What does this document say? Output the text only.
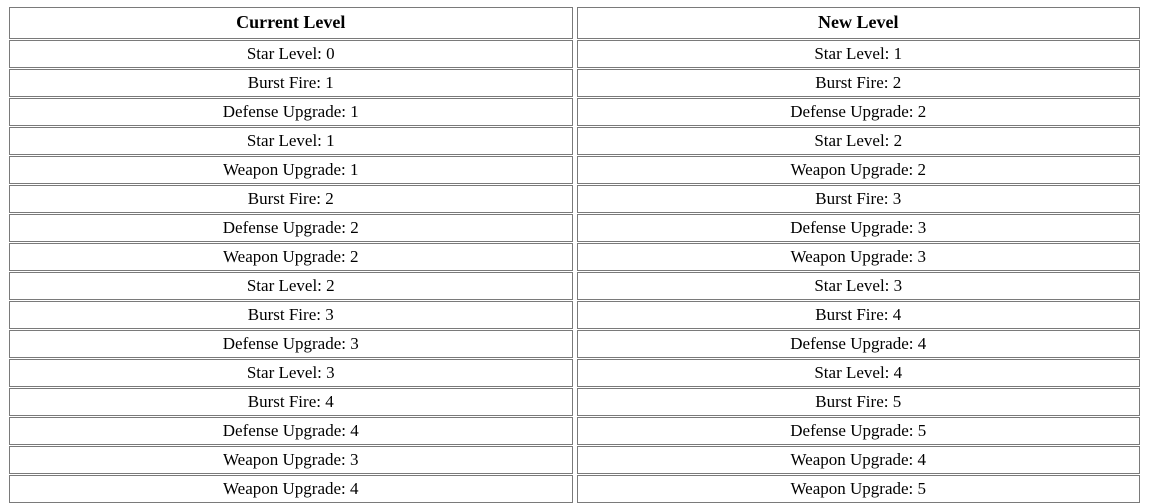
Current Level	New Level
Star Level: 0	Star Level: 1
Burst Fire: 1	Burst Fire: 2
Defense Upgrade: 1	Defense Upgrade: 2
Star Level: 1	Star Level: 2
Weapon Upgrade: 1	Weapon Upgrade: 2
Burst Fire: 2	Burst Fire: 3
Defense Upgrade: 2	Defense Upgrade: 3
Weapon Upgrade: 2	Weapon Upgrade: 3
Star Level: 2	Star Level: 3
Burst Fire: 3	Burst Fire: 4
Defense Upgrade: 3	Defense Upgrade: 4
Star Level: 3	Star Level: 4
Burst Fire: 4	Burst Fire: 5
Defense Upgrade: 4	Defense Upgrade: 5
Weapon Upgrade: 3	Weapon Upgrade: 4
Weapon Upgrade: 4	Weapon Upgrade: 5
